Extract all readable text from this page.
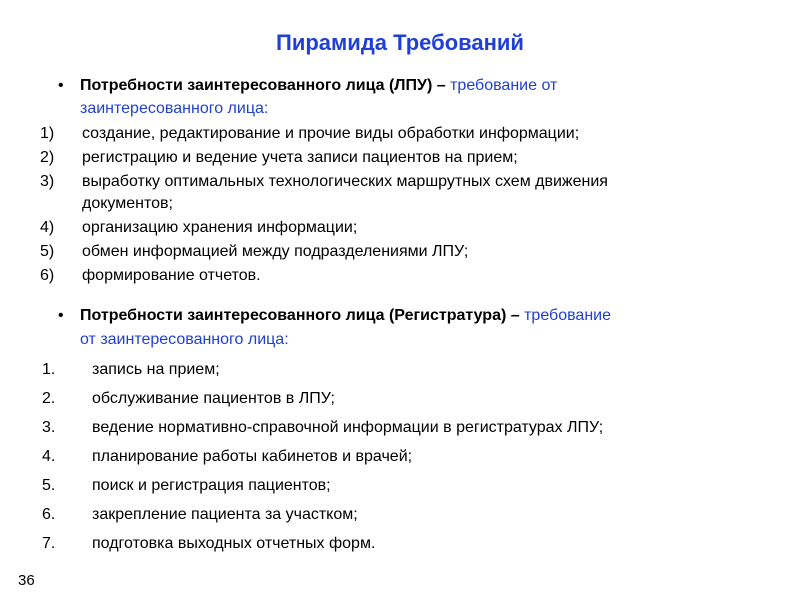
Пирамида Требований
• Потребности заинтересованного лица (ЛПУ) – требование от
заинтересованного лица:
1) создание, редактирование и прочие виды обработки информации;
2) регистрацию и ведение учета записи пациентов на прием;
3) выработку оптимальных технологических маршрутных схем движения
документов;
4) организацию хранения информации;
5) обмен информацией между подразделениями ЛПУ;
6) формирование отчетов.
• Потребности заинтересованного лица (Регистратура) – требование
от заинтересованного лица:
1. запись на прием;
2. обслуживание пациентов в ЛПУ;
3. ведение нормативно-справочной информации в регистратурах ЛПУ;
4. планирование работы кабинетов и врачей;
5. поиск и регистрация пациентов;
6. закрепление пациента за участком;
7. подготовка выходных отчетных форм.
36
